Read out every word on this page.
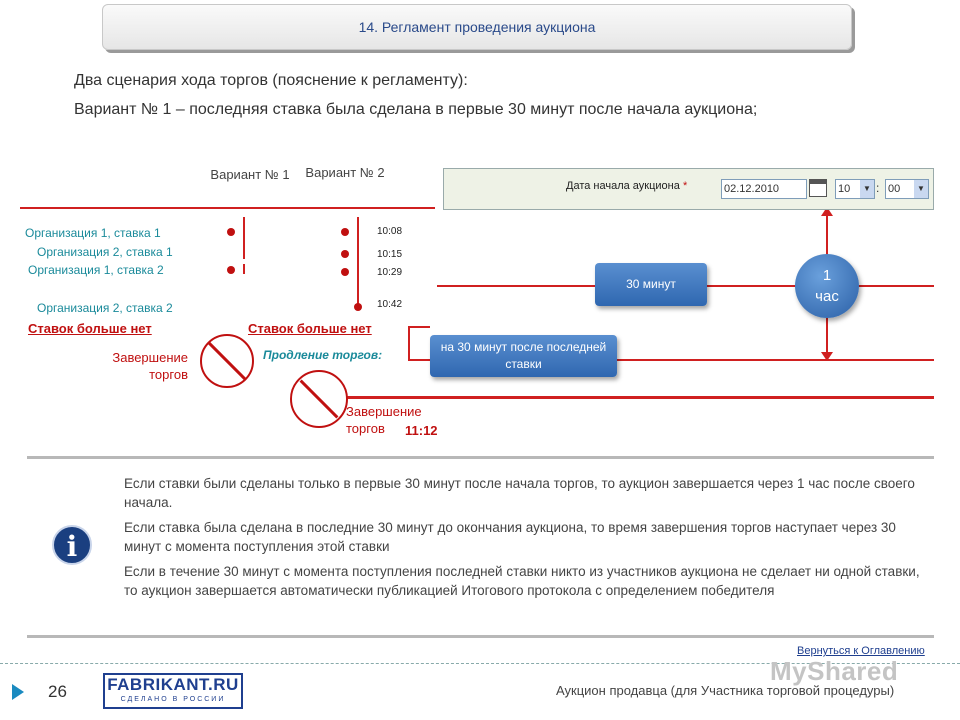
14. Регламент проведения аукциона
Два сценария хода торгов (пояснение к регламенту):
Вариант № 1 – последняя ставка была сделана в первые 30 минут после начала аукциона;
Вариант № 1 Вариант № 2
Организация 1, ставка 1
Организация 2, ставка 1
Организация 1, ставка 2
Организация 2, ставка 2
10:08
10:15
10:29
10:42
Ставок больше нет	Ставок больше нет
Завершение торгов
Продление торгов:
30 минут
на 30 минут после последней ставки
1
час
Завершение торгов	11:12
Дата начала аукциона *	02.12.2010	10	▼ : 00	▼
i

Если ставки были сделаны только в первые 30 минут после начала торгов, то аукцион завершается через 1 час после своего начала.

Если ставка была сделана в последние 30 минут до окончания аукциона, то время завершения торгов наступает через 30 минут с момента поступления этой ставки

Если в течение 30 минут с момента поступления последней ставки никто из участников аукциона не сделает ни одной ставки, то аукцион завершается автоматически публикацией Итогового протокола с определением победителя

Вернуться к Оглавлению
26 FABRIKANT.RU
СДЕЛАНО В РОССИИ
MyShared
Аукцион продавца (для Участника торговой процедуры)
